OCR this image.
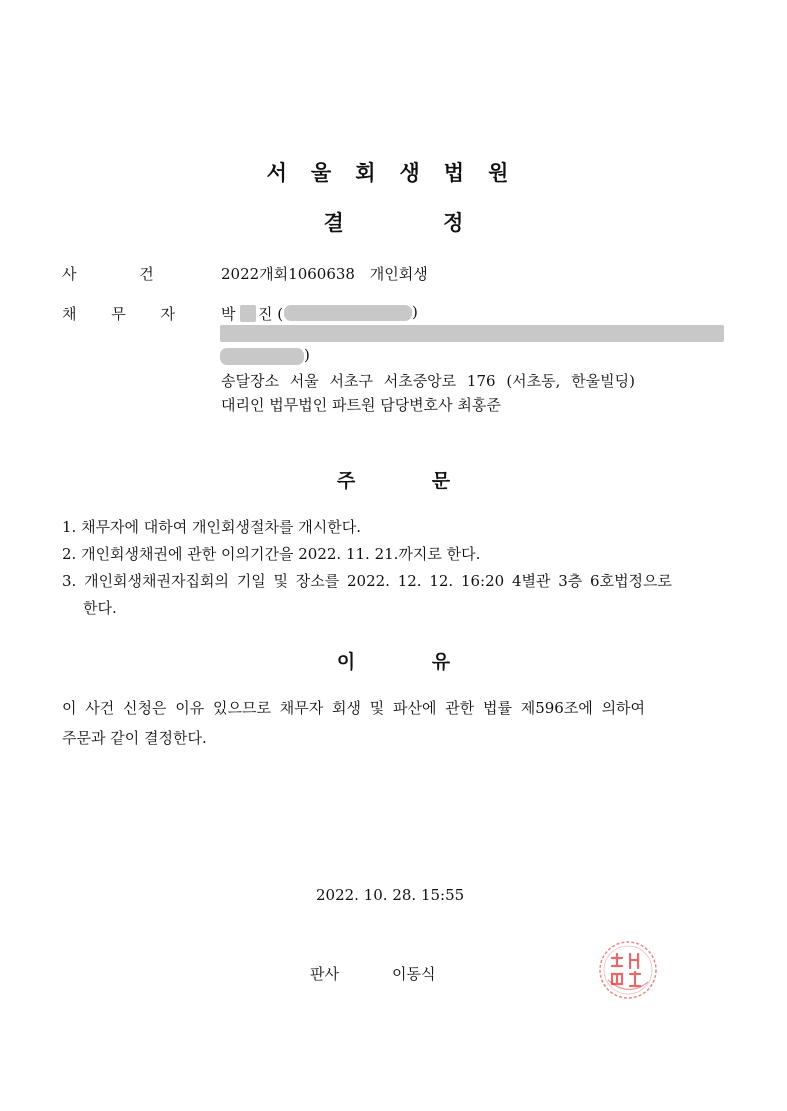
서울회생법원
결 정
사 건	2022개회1060638 개인회생
채 무 자	박 진 (	)
)
송달장소 서울 서초구 서초중앙로 176 (서초동, 한울빌딩)
대리인 법무법인 파트원 담당변호사 최홍준
주 문
1. 채무자에 대하여 개인회생절차를 개시한다.
2. 개인회생채권에 관한 이의기간을 2022. 11. 21.까지로 한다.
3. 개인회생채권자집회의 기일 및 장소를 2022. 12. 12. 16:20 4별관 3층 6호법정으로
한다.
이 유
이 사건 신청은 이유 있으므로 채무자 회생 및 파산에 관한 법률 제596조에 의하여
주문과 같이 결정한다.
2022. 10. 28. 15:55
판사	이동식
